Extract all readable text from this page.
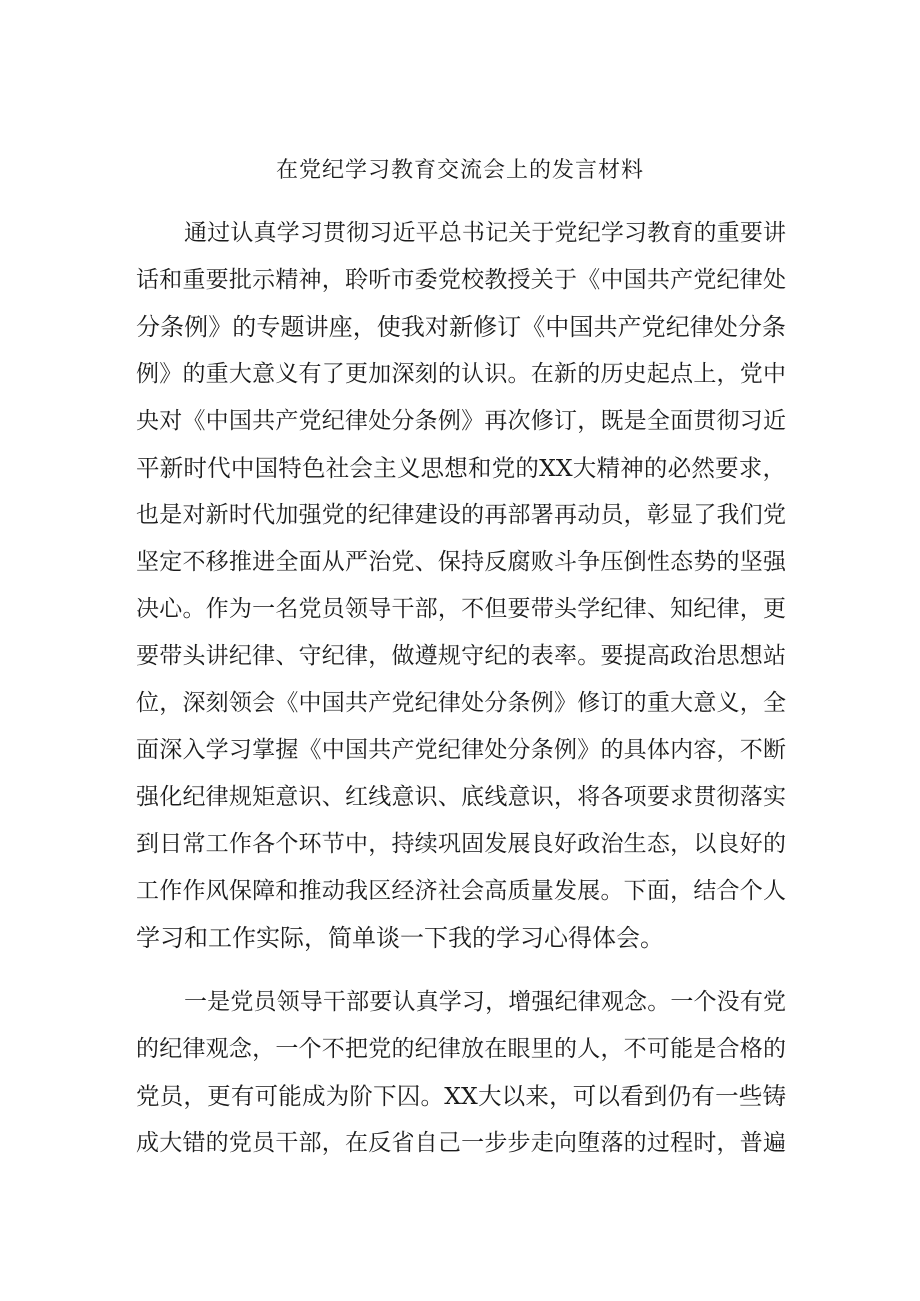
在党纪学习教育交流会上的发言材料
通过认真学习贯彻习近平总书记关于党纪学习教育的重要讲
话和重要批示精神，聆听市委党校教授关于《中国共产党纪律处
分条例》的专题讲座，使我对新修订《中国共产党纪律处分条
例》的重大意义有了更加深刻的认识。在新的历史起点上，党中
央对《中国共产党纪律处分条例》再次修订，既是全面贯彻习近
平新时代中国特色社会主义思想和党的XX大精神的必然要求，
也是对新时代加强党的纪律建设的再部署再动员，彰显了我们党
坚定不移推进全面从严治党、保持反腐败斗争压倒性态势的坚强
决心。作为一名党员领导干部，不但要带头学纪律、知纪律，更
要带头讲纪律、守纪律，做遵规守纪的表率。要提高政治思想站
位，深刻领会《中国共产党纪律处分条例》修订的重大意义，全
面深入学习掌握《中国共产党纪律处分条例》的具体内容，不断
强化纪律规矩意识、红线意识、底线意识，将各项要求贯彻落实
到日常工作各个环节中，持续巩固发展良好政治生态，以良好的
工作作风保障和推动我区经济社会高质量发展。下面，结合个人
学习和工作实际，简单谈一下我的学习心得体会。
一是党员领导干部要认真学习，增强纪律观念。一个没有党
的纪律观念，一个不把党的纪律放在眼里的人，不可能是合格的
党员，更有可能成为阶下囚。XX大以来，可以看到仍有一些铸
成大错的党员干部，在反省自己一步步走向堕落的过程时，普遍
